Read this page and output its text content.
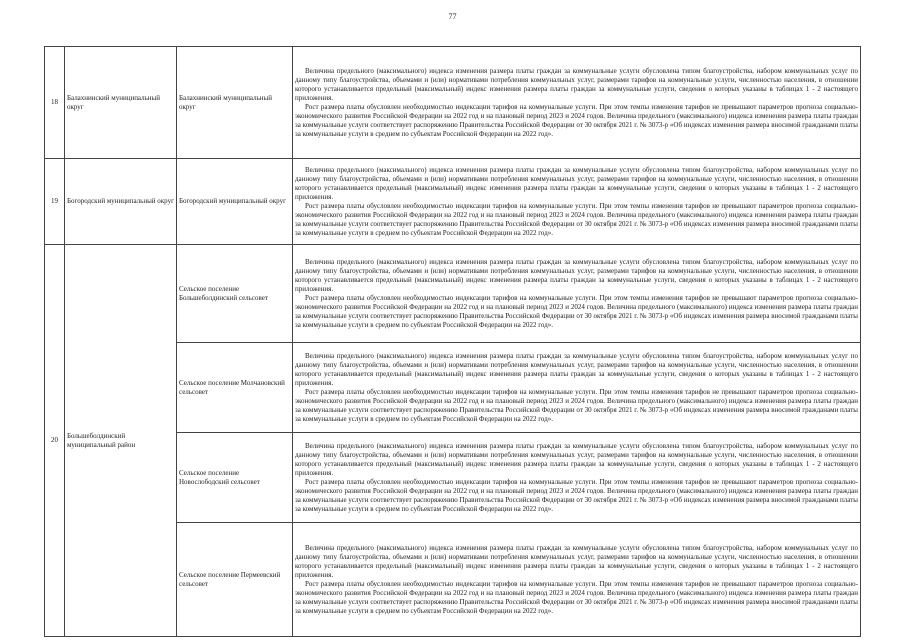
77
18	Балахнинский муниципальный округ	Балахнинский муниципальный округ	Величина предельного (максимального) индекса изменения размера платы граждан за коммунальные услуги обусловлена типом благоустройства, набором коммунальных услуг по данному типу благоустройства, объемами и (или) нормативами потребления коммунальных услуг, размерами тарифов на коммунальные услуги, численностью населения, в отношении которого устанавливается предельный (максимальный) индекс изменения размера платы граждан за коммунальные услуги, сведения о которых указаны в таблицах 1 - 2 настоящего приложения.

Рост размера платы обусловлен необходимостью индексации тарифов на коммунальные услуги. При этом темпы изменения тарифов не превышают параметров прогноза социально-экономического развития Российской Федерации на 2022 год и на плановый период 2023 и 2024 годов. Величина предельного (максимального) индекса изменения размера платы граждан за коммунальные услуги соответствует распоряжению Правительства Российской Федерации от 30 октября 2021 г. № 3073-р «Об индексах изменения размера вносимой гражданами платы за коммунальные услуги в среднем по субъектам Российской Федерации на 2022 год».

19	Богородский муниципальный округ	Богородский муниципальный округ	Величина предельного (максимального) индекса изменения размера платы граждан за коммунальные услуги обусловлена типом благоустройства, набором коммунальных услуг по данному типу благоустройства, объемами и (или) нормативами потребления коммунальных услуг, размерами тарифов на коммунальные услуги, численностью населения, в отношении которого устанавливается предельный (максимальный) индекс изменения размера платы граждан за коммунальные услуги, сведения о которых указаны в таблицах 1 - 2 настоящего приложения.

Рост размера платы обусловлен необходимостью индексации тарифов на коммунальные услуги. При этом темпы изменения тарифов не превышают параметров прогноза социально-экономического развития Российской Федерации на 2022 год и на плановый период 2023 и 2024 годов. Величина предельного (максимального) индекса изменения размера платы граждан за коммунальные услуги соответствует распоряжению Правительства Российской Федерации от 30 октября 2021 г. № 3073-р «Об индексах изменения размера вносимой гражданами платы за коммунальные услуги в среднем по субъектам Российской Федерации на 2022 год».

20	Большеболдинский муниципальный район	Сельское поселение Большеболдинский сельсовет	Величина предельного (максимального) индекса изменения размера платы граждан за коммунальные услуги обусловлена типом благоустройства, набором коммунальных услуг по данному типу благоустройства, объемами и (или) нормативами потребления коммунальных услуг, размерами тарифов на коммунальные услуги, численностью населения, в отношении которого устанавливается предельный (максимальный) индекс изменения размера платы граждан за коммунальные услуги, сведения о которых указаны в таблицах 1 - 2 настоящего приложения.

Рост размера платы обусловлен необходимостью индексации тарифов на коммунальные услуги. При этом темпы изменения тарифов не превышают параметров прогноза социально-экономического развития Российской Федерации на 2022 год и на плановый период 2023 и 2024 годов. Величина предельного (максимального) индекса изменения размера платы граждан за коммунальные услуги соответствует распоряжению Правительства Российской Федерации от 30 октября 2021 г. № 3073-р «Об индексах изменения размера вносимой гражданами платы за коммунальные услуги в среднем по субъектам Российской Федерации на 2022 год».

		Сельское поселение Молчановский сельсовет	Величина предельного (максимального) индекса изменения размера платы граждан за коммунальные услуги обусловлена типом благоустройства, набором коммунальных услуг по данному типу благоустройства, объемами и (или) нормативами потребления коммунальных услуг, размерами тарифов на коммунальные услуги, численностью населения, в отношении которого устанавливается предельный (максимальный) индекс изменения размера платы граждан за коммунальные услуги, сведения о которых указаны в таблицах 1 - 2 настоящего приложения.

Рост размера платы обусловлен необходимостью индексации тарифов на коммунальные услуги. При этом темпы изменения тарифов не превышают параметров прогноза социально-экономического развития Российской Федерации на 2022 год и на плановый период 2023 и 2024 годов. Величина предельного (максимального) индекса изменения размера платы граждан за коммунальные услуги соответствует распоряжению Правительства Российской Федерации от 30 октября 2021 г. № 3073-р «Об индексах изменения размера вносимой гражданами платы за коммунальные услуги в среднем по субъектам Российской Федерации на 2022 год».

		Сельское поселение Новослободский сельсовет	Величина предельного (максимального) индекса изменения размера платы граждан за коммунальные услуги обусловлена типом благоустройства, набором коммунальных услуг по данному типу благоустройства, объемами и (или) нормативами потребления коммунальных услуг, размерами тарифов на коммунальные услуги, численностью населения, в отношении которого устанавливается предельный (максимальный) индекс изменения размера платы граждан за коммунальные услуги, сведения о которых указаны в таблицах 1 - 2 настоящего приложения.

Рост размера платы обусловлен необходимостью индексации тарифов на коммунальные услуги. При этом темпы изменения тарифов не превышают параметров прогноза социально-экономического развития Российской Федерации на 2022 год и на плановый период 2023 и 2024 годов. Величина предельного (максимального) индекса изменения размера платы граждан за коммунальные услуги соответствует распоряжению Правительства Российской Федерации от 30 октября 2021 г. № 3073-р «Об индексах изменения размера вносимой гражданами платы за коммунальные услуги в среднем по субъектам Российской Федерации на 2022 год».

		Сельское поселение Пермеевский сельсовет	Величина предельного (максимального) индекса изменения размера платы граждан за коммунальные услуги обусловлена типом благоустройства, набором коммунальных услуг по данному типу благоустройства, объемами и (или) нормативами потребления коммунальных услуг, размерами тарифов на коммунальные услуги, численностью населения, в отношении которого устанавливается предельный (максимальный) индекс изменения размера платы граждан за коммунальные услуги, сведения о которых указаны в таблицах 1 - 2 настоящего приложения.

Рост размера платы обусловлен необходимостью индексации тарифов на коммунальные услуги. При этом темпы изменения тарифов не превышают параметров прогноза социально-экономического развития Российской Федерации на 2022 год и на плановый период 2023 и 2024 годов. Величина предельного (максимального) индекса изменения размера платы граждан за коммунальные услуги соответствует распоряжению Правительства Российской Федерации от 30 октября 2021 г. № 3073-р «Об индексах изменения размера вносимой гражданами платы за коммунальные услуги в среднем по субъектам Российской Федерации на 2022 год».
